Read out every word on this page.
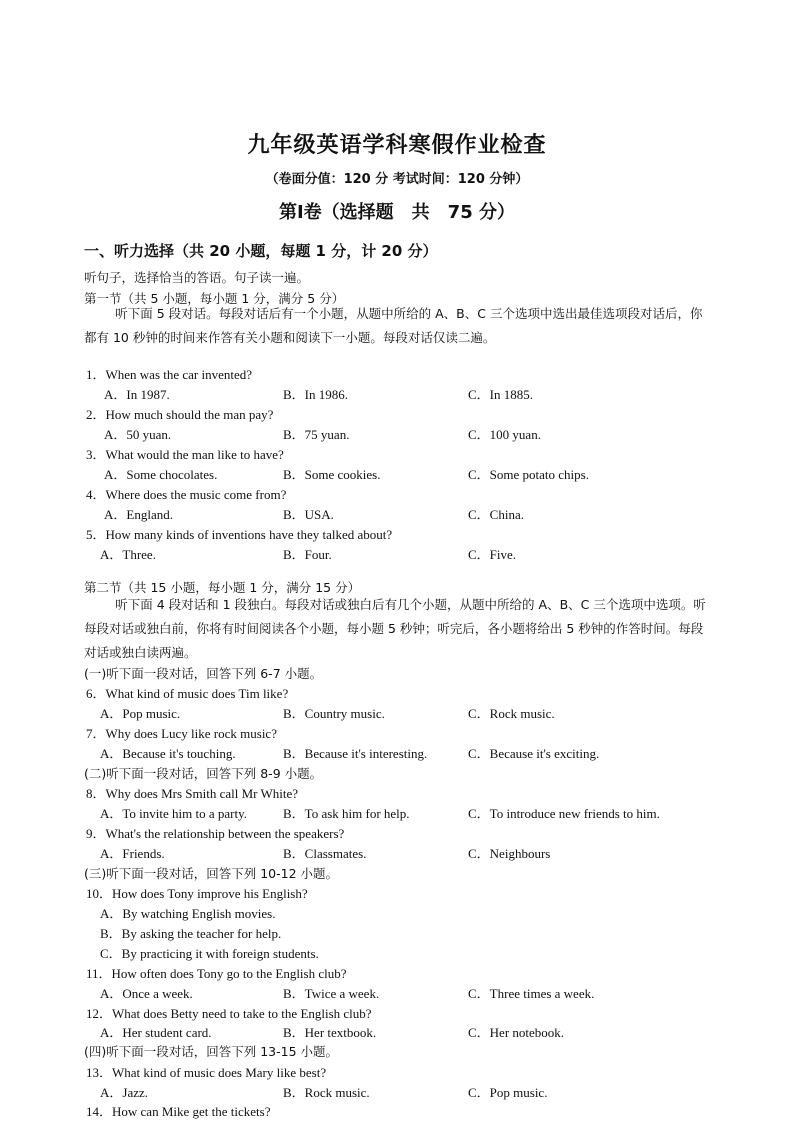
九年级英语学科寒假作业检查
（卷面分值：120 分 考试时间：120 分钟）
第Ⅰ卷（选择题　共　75 分）
一、听力选择（共 20 小题，每题 1 分，计 20 分）
听句子，选择恰当的答语。句子读一遍。
第一节（共 5 小题，每小题 1 分，满分 5 分）
听下面 5 段对话。每段对话后有一个小题，从题中所给的 A、B、C 三个选项中选出最佳选项段对话后，你都有 10 秒钟的时间来作答有关小题和阅读下一小题。每段对话仅读二遍。
1．When was the car invented?
A．In 1987.	B．In 1986.	C．In 1885.
2．How much should the man pay?
A．50 yuan.	B．75 yuan.	C．100 yuan.
3．What would the man like to have?
A．Some chocolates.	B．Some cookies.	C．Some potato chips.
4．Where does the music come from?
A．England.	B．USA.	C．China.
5．How many kinds of inventions have they talked about?
A．Three.	B．Four.	C．Five.
第二节（共 15 小题，每小题 1 分，满分 15 分）
听下面 4 段对话和 1 段独白。每段对话或独白后有几个小题，从题中所给的 A、B、C 三个选项中选项。听每段对话或独白前，你将有时间阅读各个小题，每小题 5 秒钟；听完后，各小题将给出 5 秒钟的作答时间。每段对话或独白读两遍。
(一)听下面一段对话，回答下列 6-7 小题。
6．What kind of music does Tim like?
A．Pop music.	B．Country music.	C．Rock music.
7．Why does Lucy like rock music?
A．Because it's touching.	B．Because it's interesting.	C．Because it's exciting.
(二)听下面一段对话，回答下列 8-9 小题。
8．Why does Mrs Smith call Mr White?
A．To invite him to a party.	B．To ask him for help.	C．To introduce new friends to him.
9．What's the relationship between the speakers?
A．Friends.	B．Classmates.	C．Neighbours
(三)听下面一段对话，回答下列 10-12 小题。
10．How does Tony improve his English?
A．By watching English movies.
B．By asking the teacher for help.
C．By practicing it with foreign students.
11．How often does Tony go to the English club?
A．Once a week.	B．Twice a week.	C．Three times a week.
12．What does Betty need to take to the English club?
A．Her student card.	B．Her textbook.	C．Her notebook.
(四)听下面一段对话，回答下列 13-15 小题。
13．What kind of music does Mary like best?
A．Jazz.	B．Rock music.	C．Pop music.
14．How can Mike get the tickets?
